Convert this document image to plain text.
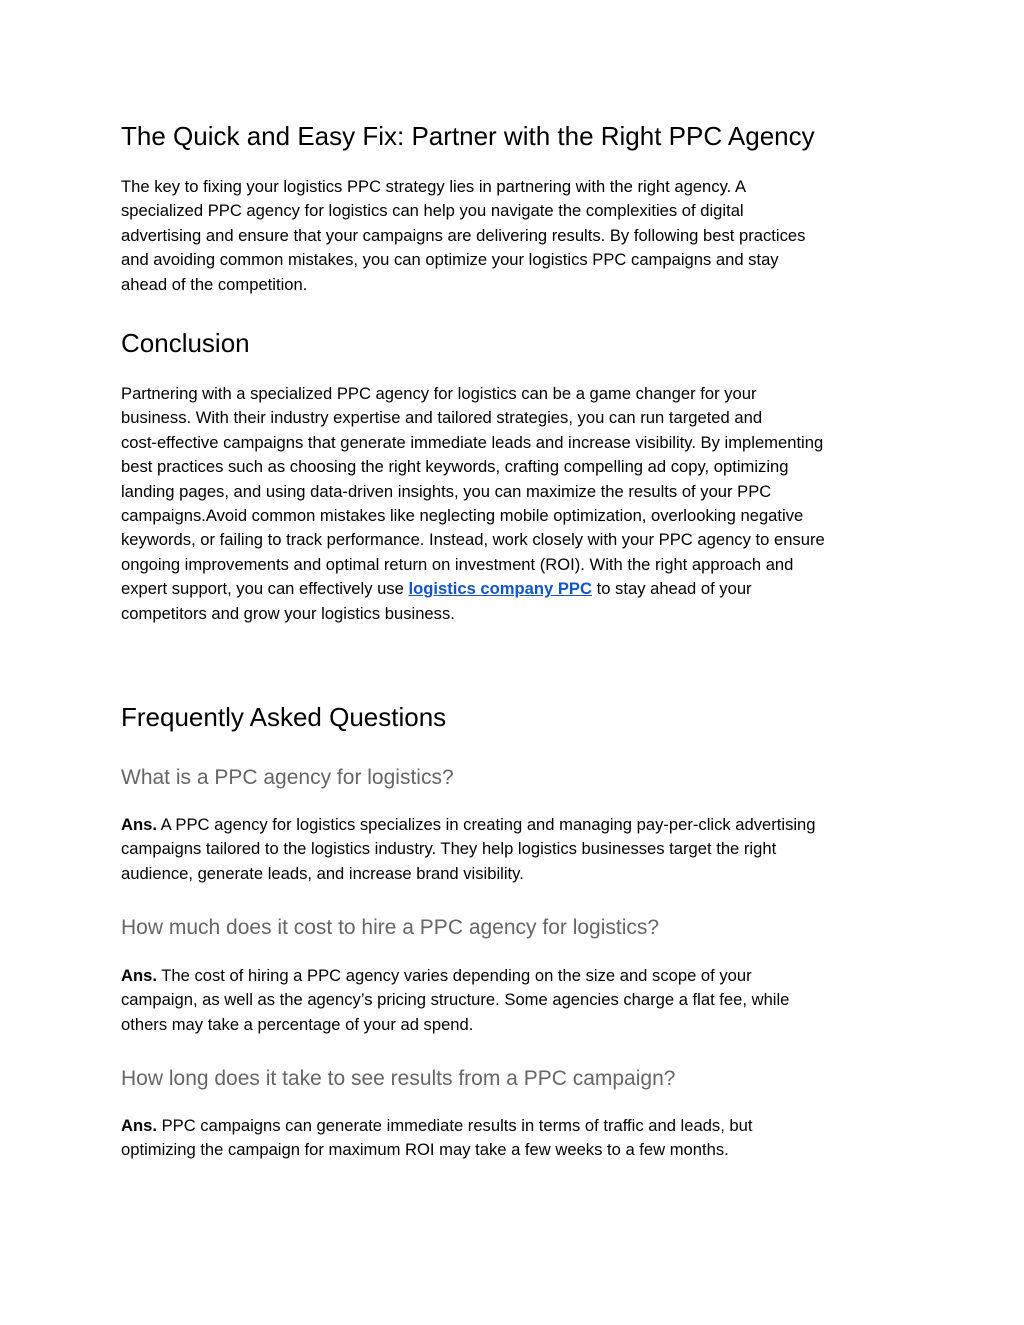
The Quick and Easy Fix: Partner with the Right PPC Agency
The key to fixing your logistics PPC strategy lies in partnering with the right agency. A
specialized PPC agency for logistics can help you navigate the complexities of digital
advertising and ensure that your campaigns are delivering results. By following best practices
and avoiding common mistakes, you can optimize your logistics PPC campaigns and stay
ahead of the competition.
Conclusion
Partnering with a specialized PPC agency for logistics can be a game changer for your
business. With their industry expertise and tailored strategies, you can run targeted and
cost-effective campaigns that generate immediate leads and increase visibility. By implementing
best practices such as choosing the right keywords, crafting compelling ad copy, optimizing
landing pages, and using data-driven insights, you can maximize the results of your PPC
campaigns.Avoid common mistakes like neglecting mobile optimization, overlooking negative
keywords, or failing to track performance. Instead, work closely with your PPC agency to ensure
ongoing improvements and optimal return on investment (ROI). With the right approach and
expert support, you can effectively use logistics company PPC to stay ahead of your
competitors and grow your logistics business.
Frequently Asked Questions
What is a PPC agency for logistics?
Ans. A PPC agency for logistics specializes in creating and managing pay-per-click advertising
campaigns tailored to the logistics industry. They help logistics businesses target the right
audience, generate leads, and increase brand visibility.
How much does it cost to hire a PPC agency for logistics?
Ans. The cost of hiring a PPC agency varies depending on the size and scope of your
campaign, as well as the agency’s pricing structure. Some agencies charge a flat fee, while
others may take a percentage of your ad spend.
How long does it take to see results from a PPC campaign?
Ans. PPC campaigns can generate immediate results in terms of traffic and leads, but
optimizing the campaign for maximum ROI may take a few weeks to a few months.
